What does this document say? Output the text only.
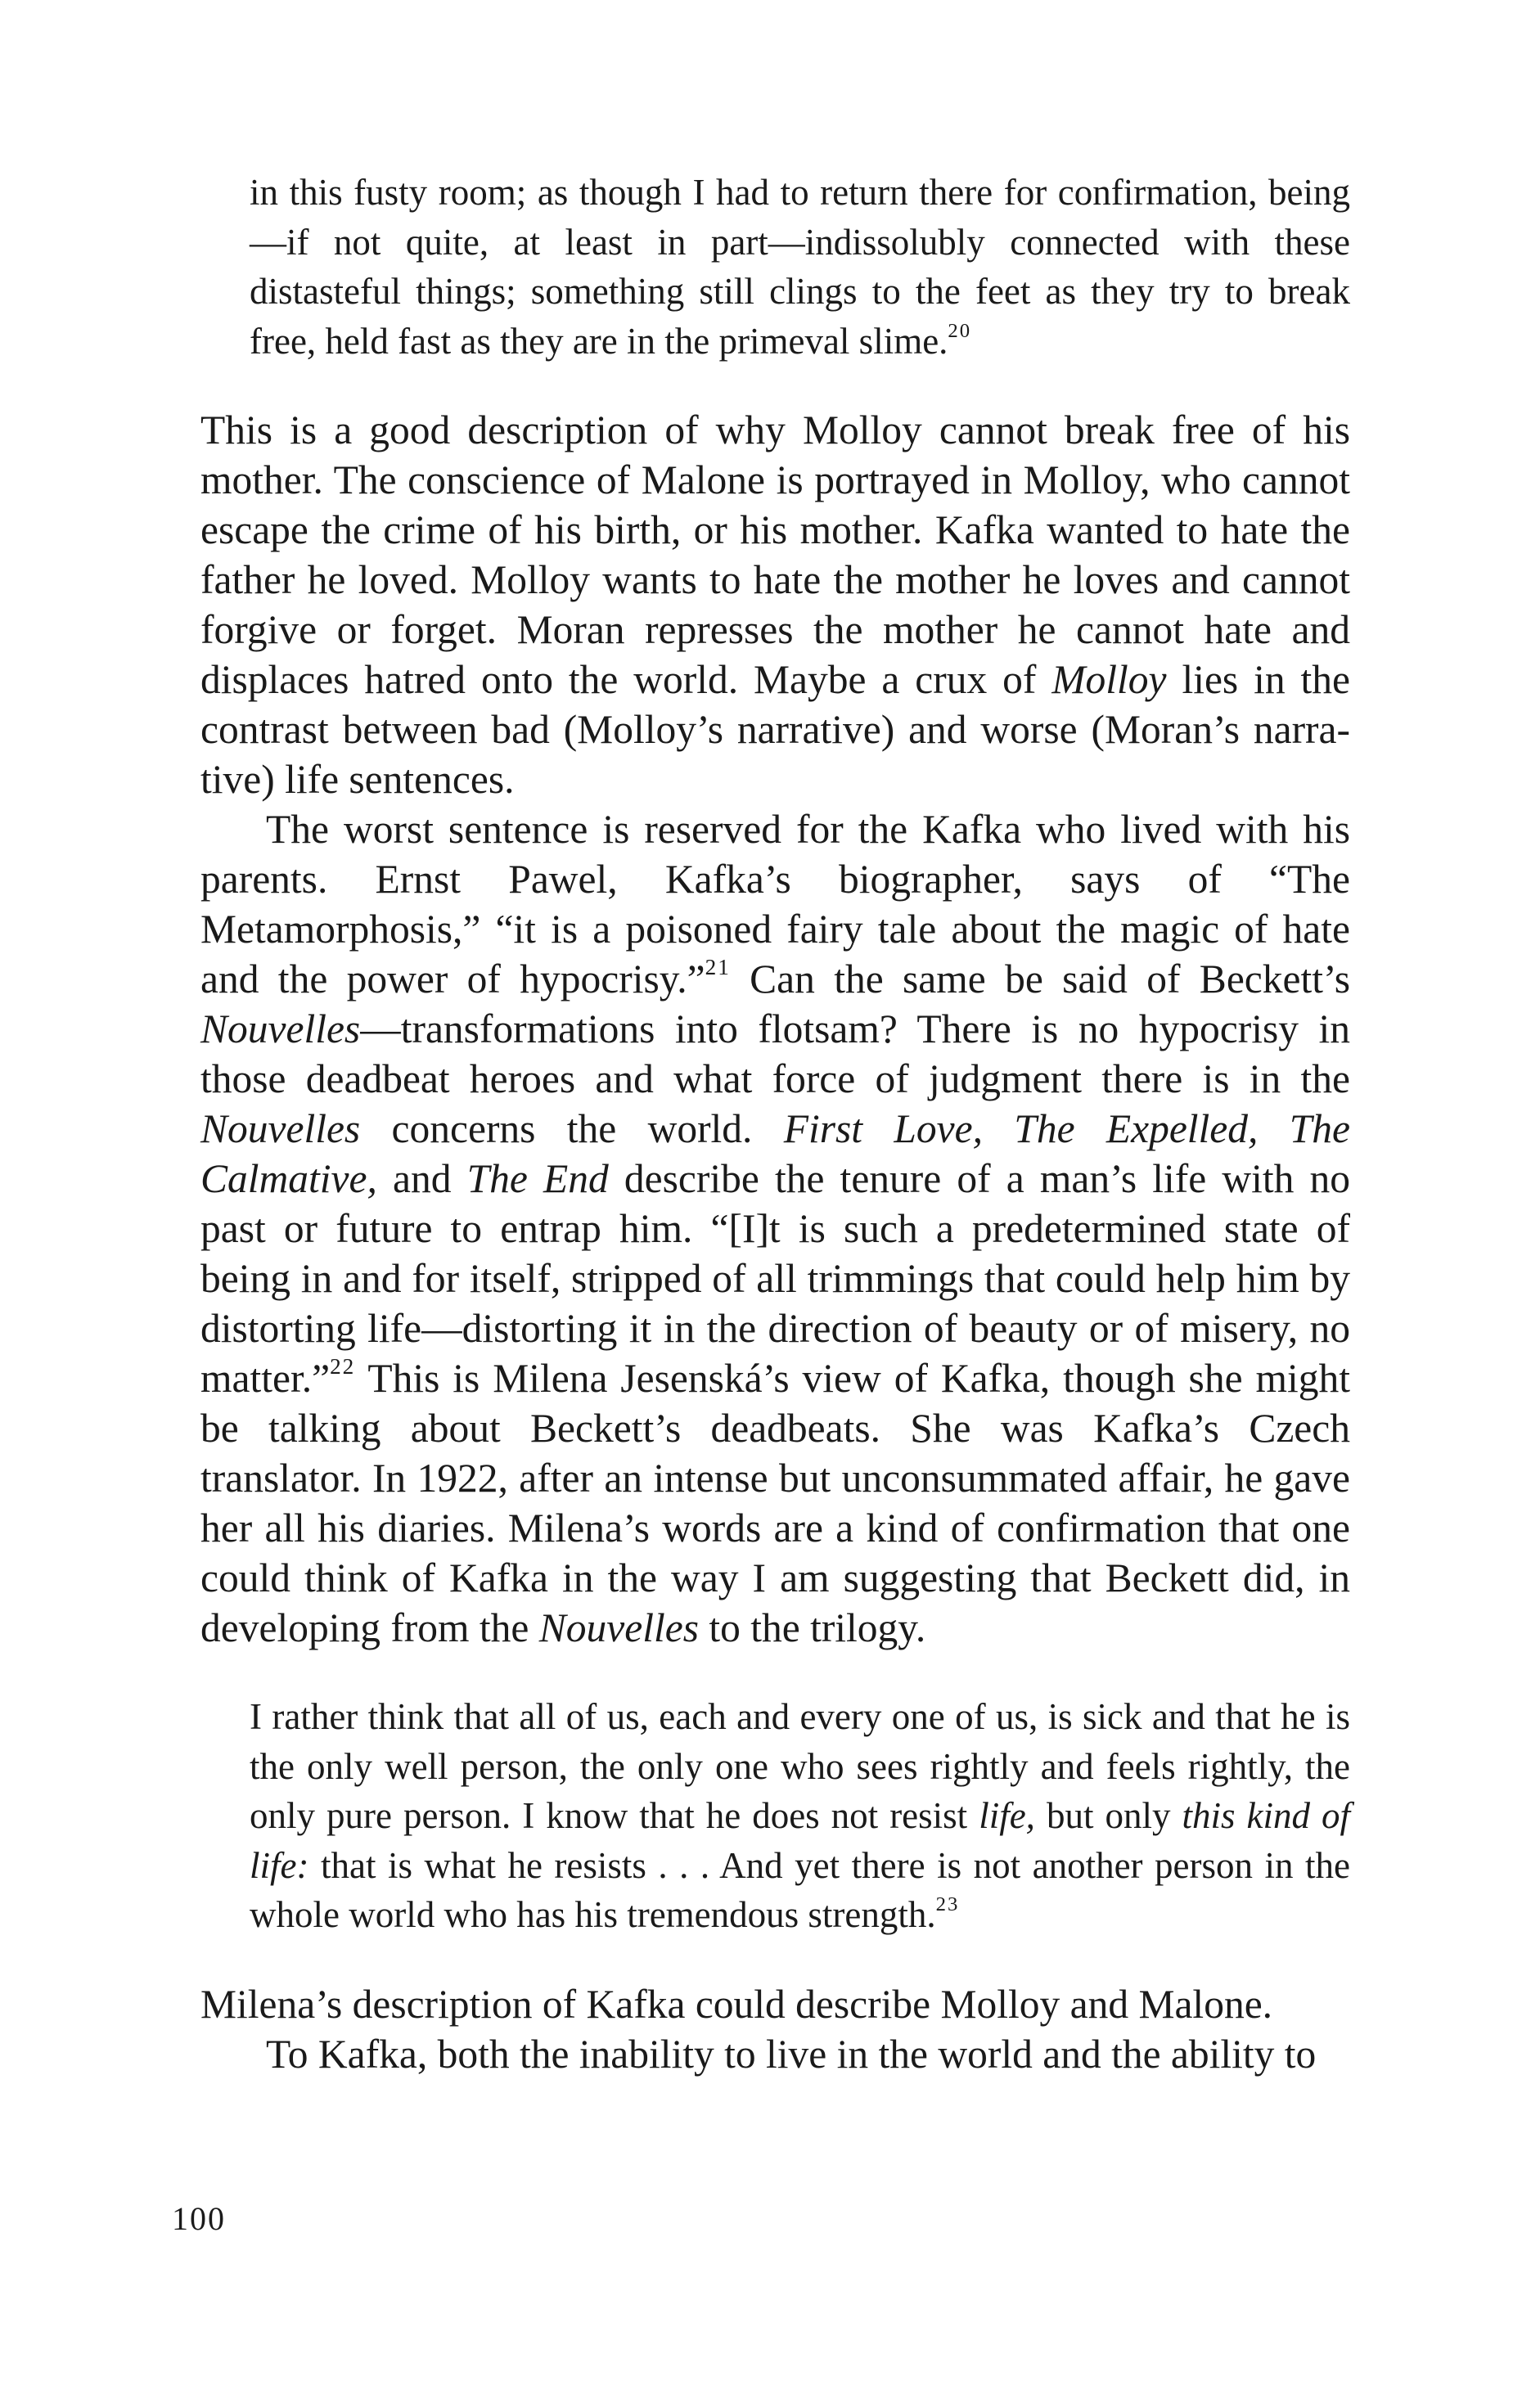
in this fusty room; as though I had to return there for confirmation, being—if not quite, at least in part—indissolubly connected with these distasteful things; something still clings to the feet as they try to break free, held fast as they are in the primeval slime.$^{20}$

This is a good description of why Molloy cannot break free of his mother. The conscience of Malone is portrayed in Molloy, who cannot escape the crime of his birth, or his mother. Kafka wanted to hate the father he loved. Molloy wants to hate the mother he loves and cannot forgive or forget. Moran represses the mother he cannot hate and displaces hatred onto the world. Maybe a crux of Molloy lies in the contrast between bad (Molloy’s narrative) and worse (Moran’s narrative) life sentences.

The worst sentence is reserved for the Kafka who lived with his parents. Ernst Pawel, Kafka’s biographer, says of “The Metamorphosis,” “it is a poisoned fairy tale about the magic of hate and the power of hypocrisy.”$^{21}$ Can the same be said of Beckett’s Nouvelles—transformations into flotsam? There is no hypocrisy in those deadbeat heroes and what force of judgment there is in the Nouvelles concerns the world. First Love, The Expelled, The Calmative, and The End describe the tenure of a man’s life with no past or future to entrap him. “[I]t is such a predetermined state of being in and for itself, stripped of all trimmings that could help him by distorting life—distorting it in the direction of beauty or of misery, no matter.”$^{22}$ This is Milena Jesenská’s view of Kafka, though she might be talking about Beckett’s deadbeats. She was Kafka’s Czech translator. In 1922, after an intense but unconsummated affair, he gave her all his diaries. Milena’s words are a kind of confirmation that one could think of Kafka in the way I am suggesting that Beckett did, in developing from the Nouvelles to the trilogy.

I rather think that all of us, each and every one of us, is sick and that he is the only well person, the only one who sees rightly and feels rightly, the only pure person. I know that he does not resist life, but only this kind of life: that is what he resists . . . And yet there is not another person in the whole world who has his tremendous strength.$^{23}$

Milena’s description of Kafka could describe Molloy and Malone.

To Kafka, both the inability to live in the world and the ability to

100
